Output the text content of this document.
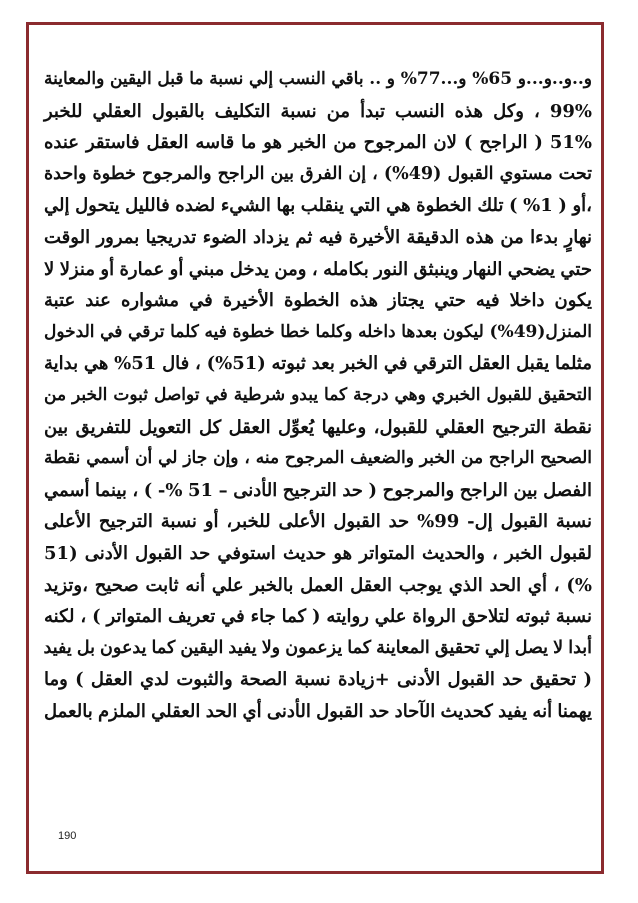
و..و..و...و 65% و...77% و .. باقي النسب إلي نسبة ما قبل اليقين والمعاينة
99% ، وكل هذه النسب تبدأ من نسبة التكليف بالقبول العقلي للخبر
51% ( الراجح ) لان المرجوح من الخبر هو ما قاسه العقل فاستقر عنده
تحت مستوي القبول (49%) ، إن الفرق بين الراجح والمرجوح خطوة واحدة
،أو ( 1% ) تلك الخطوة هي التي ينقلب بها الشيء لضده فالليل يتحول إلي
نهارٍ بدءا من هذه الدقيقة الأخيرة فيه ثم يزداد الضوء تدريجيا بمرور الوقت
حتي يضحي النهار وينبثق النور بكامله ، ومن يدخل مبني أو عمارة أو منزلا لا
يكون داخلا فيه حتي يجتاز هذه الخطوة الأخيرة في مشواره عند عتبة
المنزل(49%) ليكون بعدها داخله وكلما خطا خطوة فيه كلما ترقي في الدخول
مثلما يقبل العقل الترقي في الخبر بعد ثبوته (51%) ، فال 51% هي بداية
التحقيق للقبول الخبري وهي درجة كما يبدو شرطية في تواصل ثبوت الخبر من
نقطة الترجيح العقلي للقبول، وعليها يُعوِّل العقل كل التعويل للتفريق بين
الصحيح الراجح من الخبر والضعيف المرجوح منه ، وإن جاز لي أن أسمي نقطة
الفصل بين الراجح والمرجوح ( حد الترجيح الأدنى – 51 %- ) ، بينما أسمي
نسبة القبول إل- 99% حد القبول الأعلى للخبر، أو نسبة الترجيح الأعلى
لقبول الخبر ، والحديث المتواتر هو حديث استوفي حد القبول الأدنى (51
%) ، أي الحد الذي يوجب العقل العمل بالخبر علي أنه ثابت صحيح ،وتزيد
نسبة ثبوته لتلاحق الرواة علي روايته ( كما جاء في تعريف المتواتر ) ، لكنه
أبدا لا يصل إلي تحقيق المعاينة كما يزعمون ولا يفيد اليقين كما يدعون بل يفيد
( تحقيق حد القبول الأدنى +زيادة نسبة الصحة والثبوت لدي العقل ) وما
يهمنا أنه يفيد كحديث الآحاد حد القبول الأدنى أي الحد العقلي الملزم بالعمل
190
